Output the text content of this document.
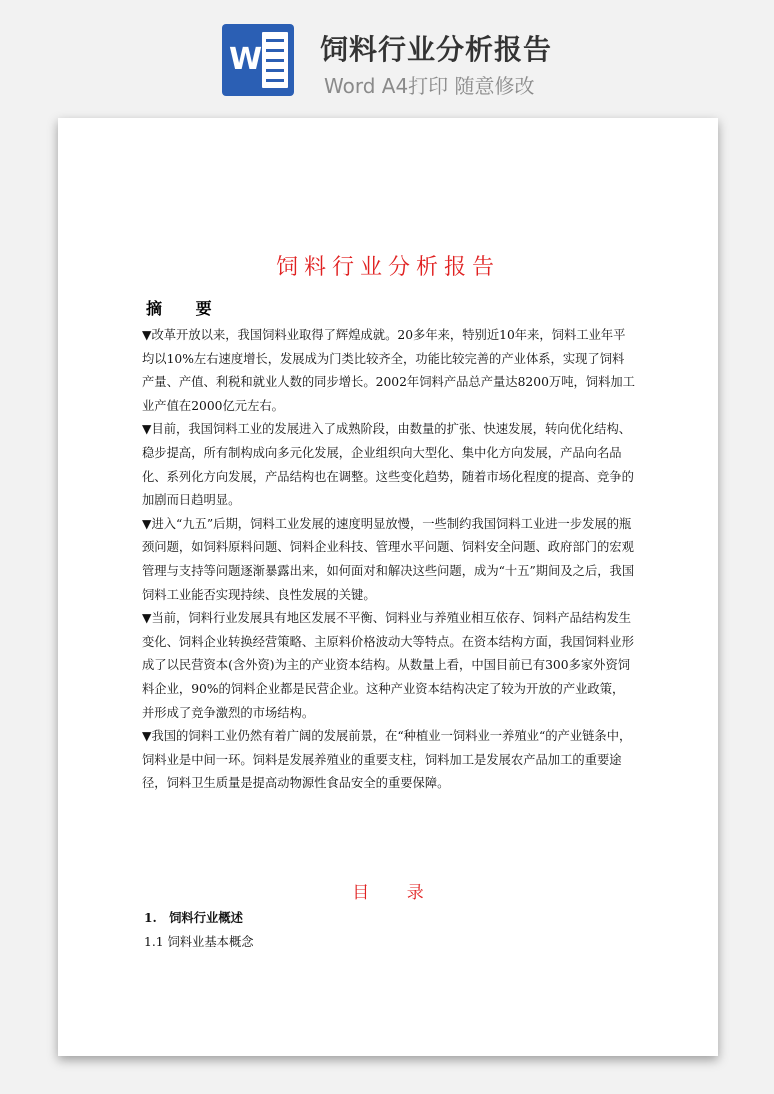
W 饲料行业分析报告
Word A4打印 随意修改
饲料行业分析报告
摘 要

▼改革开放以来，我国饲料业取得了辉煌成就。20多年来，特别近10年来，饲料工业年平均以10%左右速度增长，发展成为门类比较齐全，功能比较完善的产业体系，实现了饲料产量、产值、利税和就业人数的同步增长。2002年饲料产品总产量达8200万吨，饲料加工业产值在2000亿元左右。

▼目前，我国饲料工业的发展进入了成熟阶段，由数量的扩张、快速发展，转向优化结构、稳步提高，所有制构成向多元化发展，企业组织向大型化、集中化方向发展，产品向名品化、系列化方向发展，产品结构也在调整。这些变化趋势，随着市场化程度的提高、竞争的加剧而日趋明显。

▼进入“九五”后期，饲料工业发展的速度明显放慢，一些制约我国饲料工业进一步发展的瓶颈问题，如饲料原料问题、饲料企业科技、管理水平问题、饲料安全问题、政府部门的宏观管理与支持等问题逐渐暴露出来，如何面对和解决这些问题，成为“十五”期间及之后，我国饲料工业能否实现持续、良性发展的关键。

▼当前，饲料行业发展具有地区发展不平衡、饲料业与养殖业相互依存、饲料产品结构发生变化、饲料企业转换经营策略、主原料价格波动大等特点。在资本结构方面，我国饲料业形成了以民营资本(含外资)为主的产业资本结构。从数量上看，中国目前已有300多家外资饲料企业，90%的饲料企业都是民营企业。这种产业资本结构决定了较为开放的产业政策，并形成了竞争激烈的市场结构。

▼我国的饲料工业仍然有着广阔的发展前景，在“种植业一饲料业一养殖业“的产业链条中，饲料业是中间一环。饲料是发展养殖业的重要支柱，饲料加工是发展农产品加工的重要途径，饲料卫生质量是提高动物源性食品安全的重要保障。

目 录
1.　饲料行业概述
1.1 饲料业基本概念
